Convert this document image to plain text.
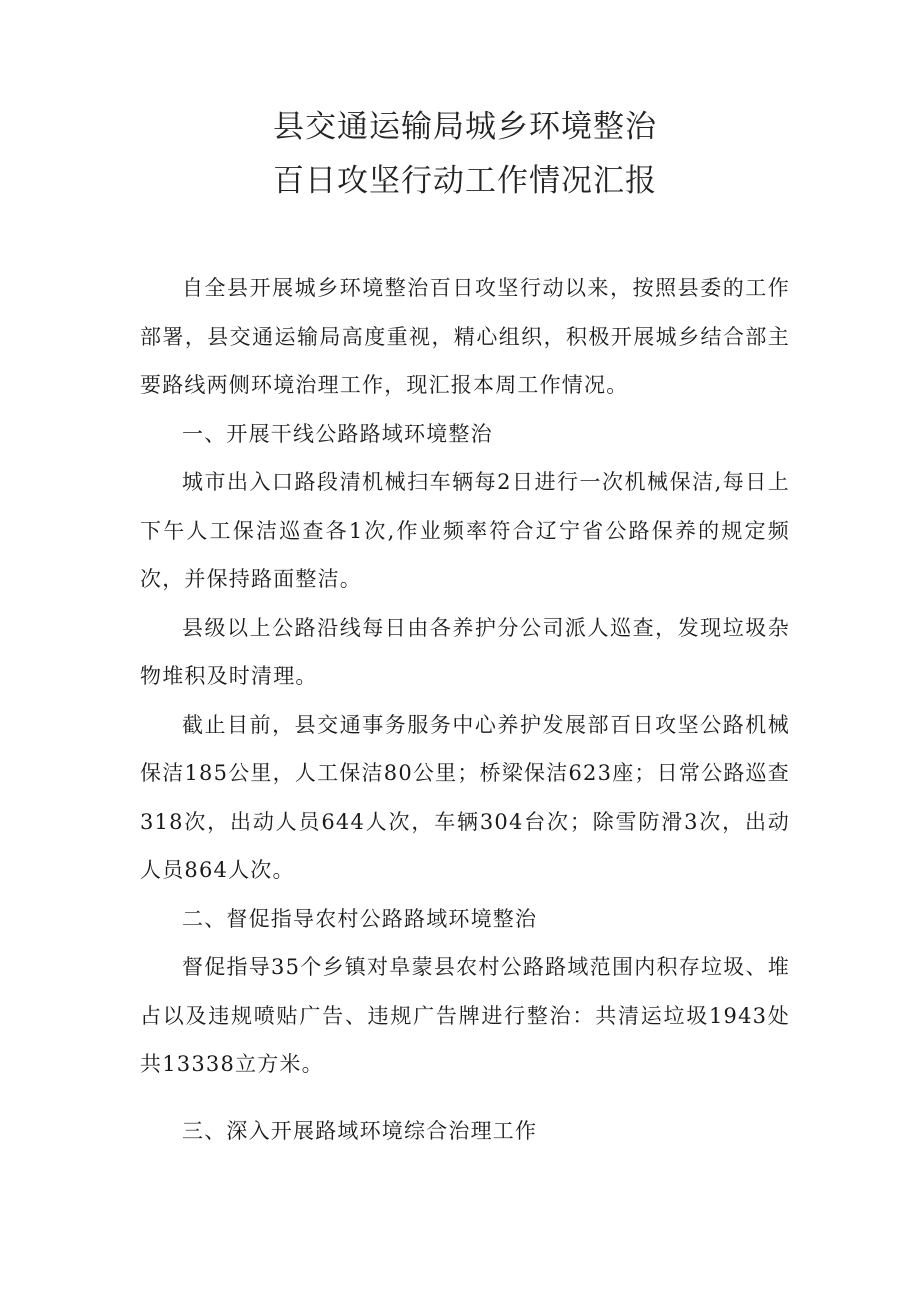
县交通运输局城乡环境整治
百日攻坚行动工作情况汇报

自全县开展城乡环境整治百日攻坚行动以来，按照县委的工作部署，县交通运输局高度重视，精心组织，积极开展城乡结合部主要路线两侧环境治理工作，现汇报本周工作情况。

一、开展干线公路路域环境整治

城市出入口路段清机械扫车辆每2日进行一次机械保洁,每日上下午人工保洁巡查各1次,作业频率符合辽宁省公路保养的规定频次，并保持路面整洁。

县级以上公路沿线每日由各养护分公司派人巡查，发现垃圾杂物堆积及时清理。

截止目前，县交通事务服务中心养护发展部百日攻坚公路机械保洁185公里，人工保洁80公里；桥梁保洁623座；日常公路巡查318次，出动人员644人次，车辆304台次；除雪防滑3次，出动人员864人次。

二、督促指导农村公路路域环境整治

督促指导35个乡镇对阜蒙县农村公路路域范围内积存垃圾、堆占以及违规喷贴广告、违规广告牌进行整治：共清运垃圾1943处共13338立方米。

三、深入开展路域环境综合治理工作
